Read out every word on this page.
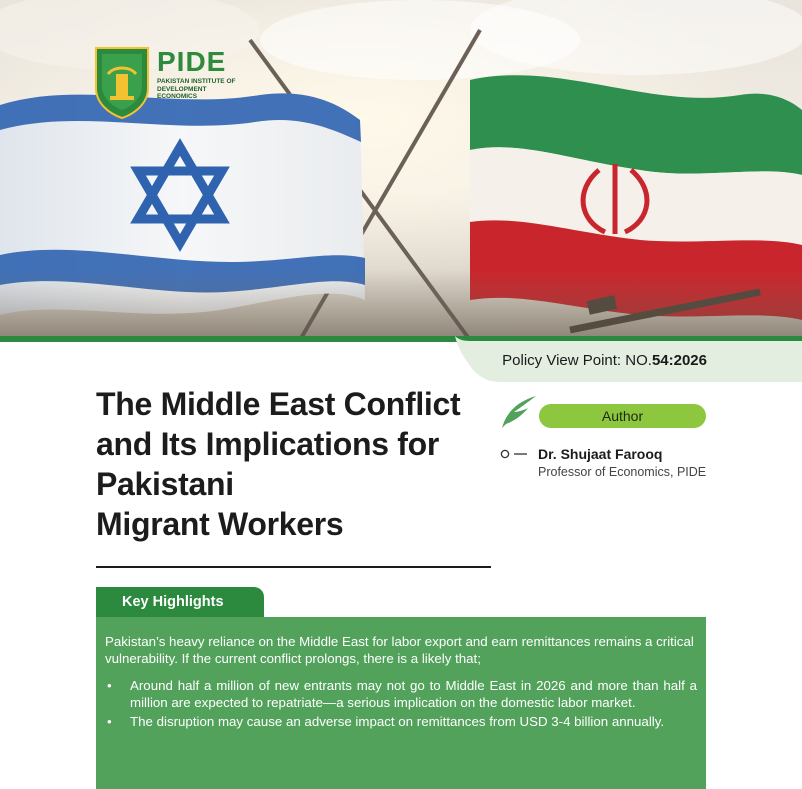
PIDE
PAKISTAN INSTITUTE OF DEVELOPMENT ECONOMICS
Policy View Point: NO.54:2026
The Middle East Conflict
and Its Implications for
Pakistani
Migrant Workers
Author
Dr. Shujaat Farooq
Professor of Economics, PIDE
Key Highlights

Pakistan’s heavy reliance on the Middle East for labor export and earn remittances remains a critical vulnerability. If the current conflict prolongs, there is a likely that;

• Around half a million of new entrants may not go to Middle East in 2026 and more than half a million are expected to repatriate—a serious implication on the domestic labor market.
• The disruption may cause an adverse impact on remittances from USD 3-4 billion annually.
